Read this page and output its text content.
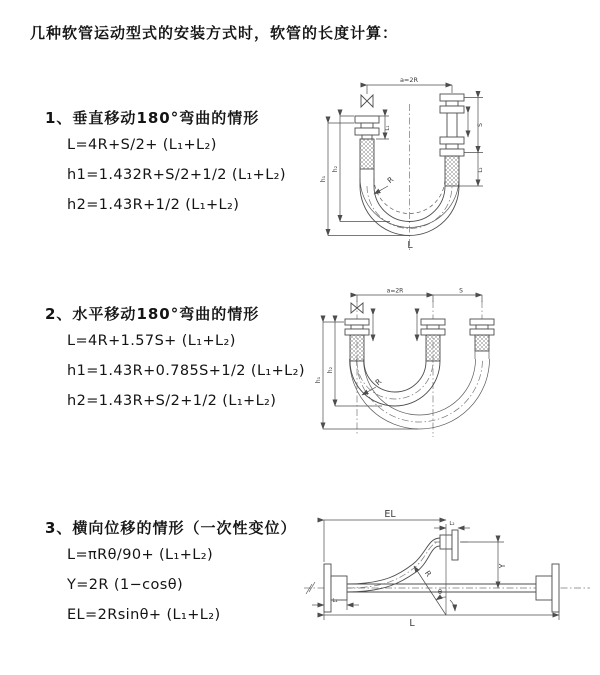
几种软管运动型式的安装方式时，软管的长度计算：
1、垂直移动180°弯曲的情形
L=4R+S/2+ (L₁+L₂)
h1=1.432R+S/2+1/2 (L₁+L₂)
h2=1.43R+1/2 (L₁+L₂)
2、水平移动180°弯曲的情形
L=4R+1.57S+ (L₁+L₂)
h1=1.43R+0.785S+1/2 (L₁+L₂)
h2=1.43R+S/2+1/2 (L₁+L₂)
3、横向位移的情形（一次性变位）
L=πRθ/90+ (L₁+L₂)
Y=2R (1−cosθ)
EL=2Rsinθ+ (L₁+L₂)
a=2R
h₁
h₂
L₁
S
L₂
R
L
a=2R	S
h₁
h₂
R
EL
L₂
R
θ
Y
L
L₁
